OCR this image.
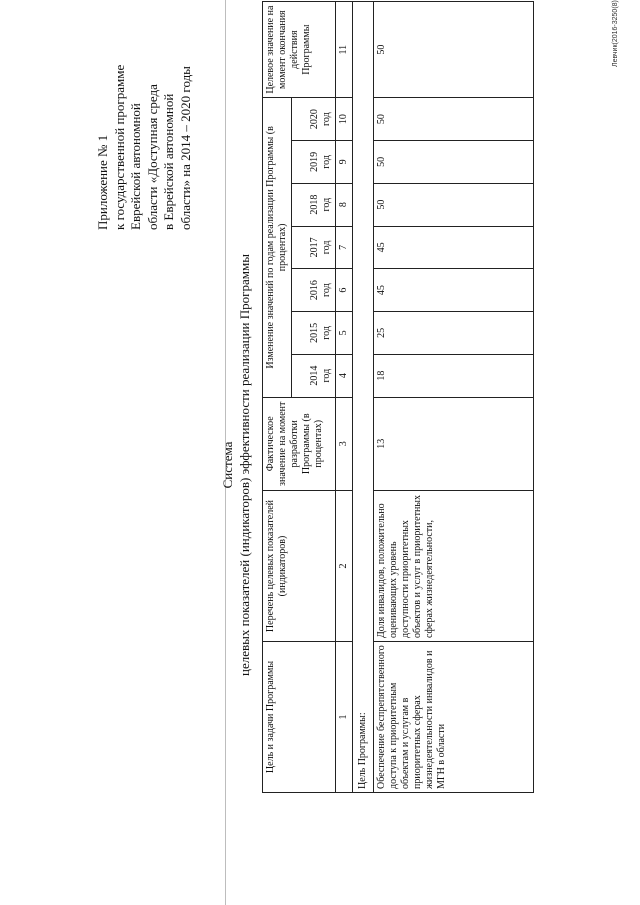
Приложение № 1 к государственной программе Еврейской автономной области «Доступная среда в Еврейской автономной области» на 2014 – 2020 годы
Система целевых показателей (индикаторов) эффективности реализации Программы
Цель и задачи Программы	Перечень целевых показателей (индикаторов)	Фактическое значение на момент разработки Программы (в процентах)	Изменение значений по годам реализации Программы (в процентах)							Целевое значение на момент окончания действия Программы
			2014 год	2015 год	2016 год	2017 год	2018 год	2019 год	2020 год	
1	2	3	4	5	6	7	8	9	10	11
Цель Программы:										
Обеспечение беспрепятственного доступа к приоритетным объектам и услугам в приоритетных сферах жизнедеятельности инвалидов и МГН в области	Доля инвалидов, положительно оценивающих уровень доступности приоритетных объектов и услуг в приоритетных сферах жизнедеятельности,	13	18	25	45	45	50	50	50	50	Левчик(2016-3250(8)
